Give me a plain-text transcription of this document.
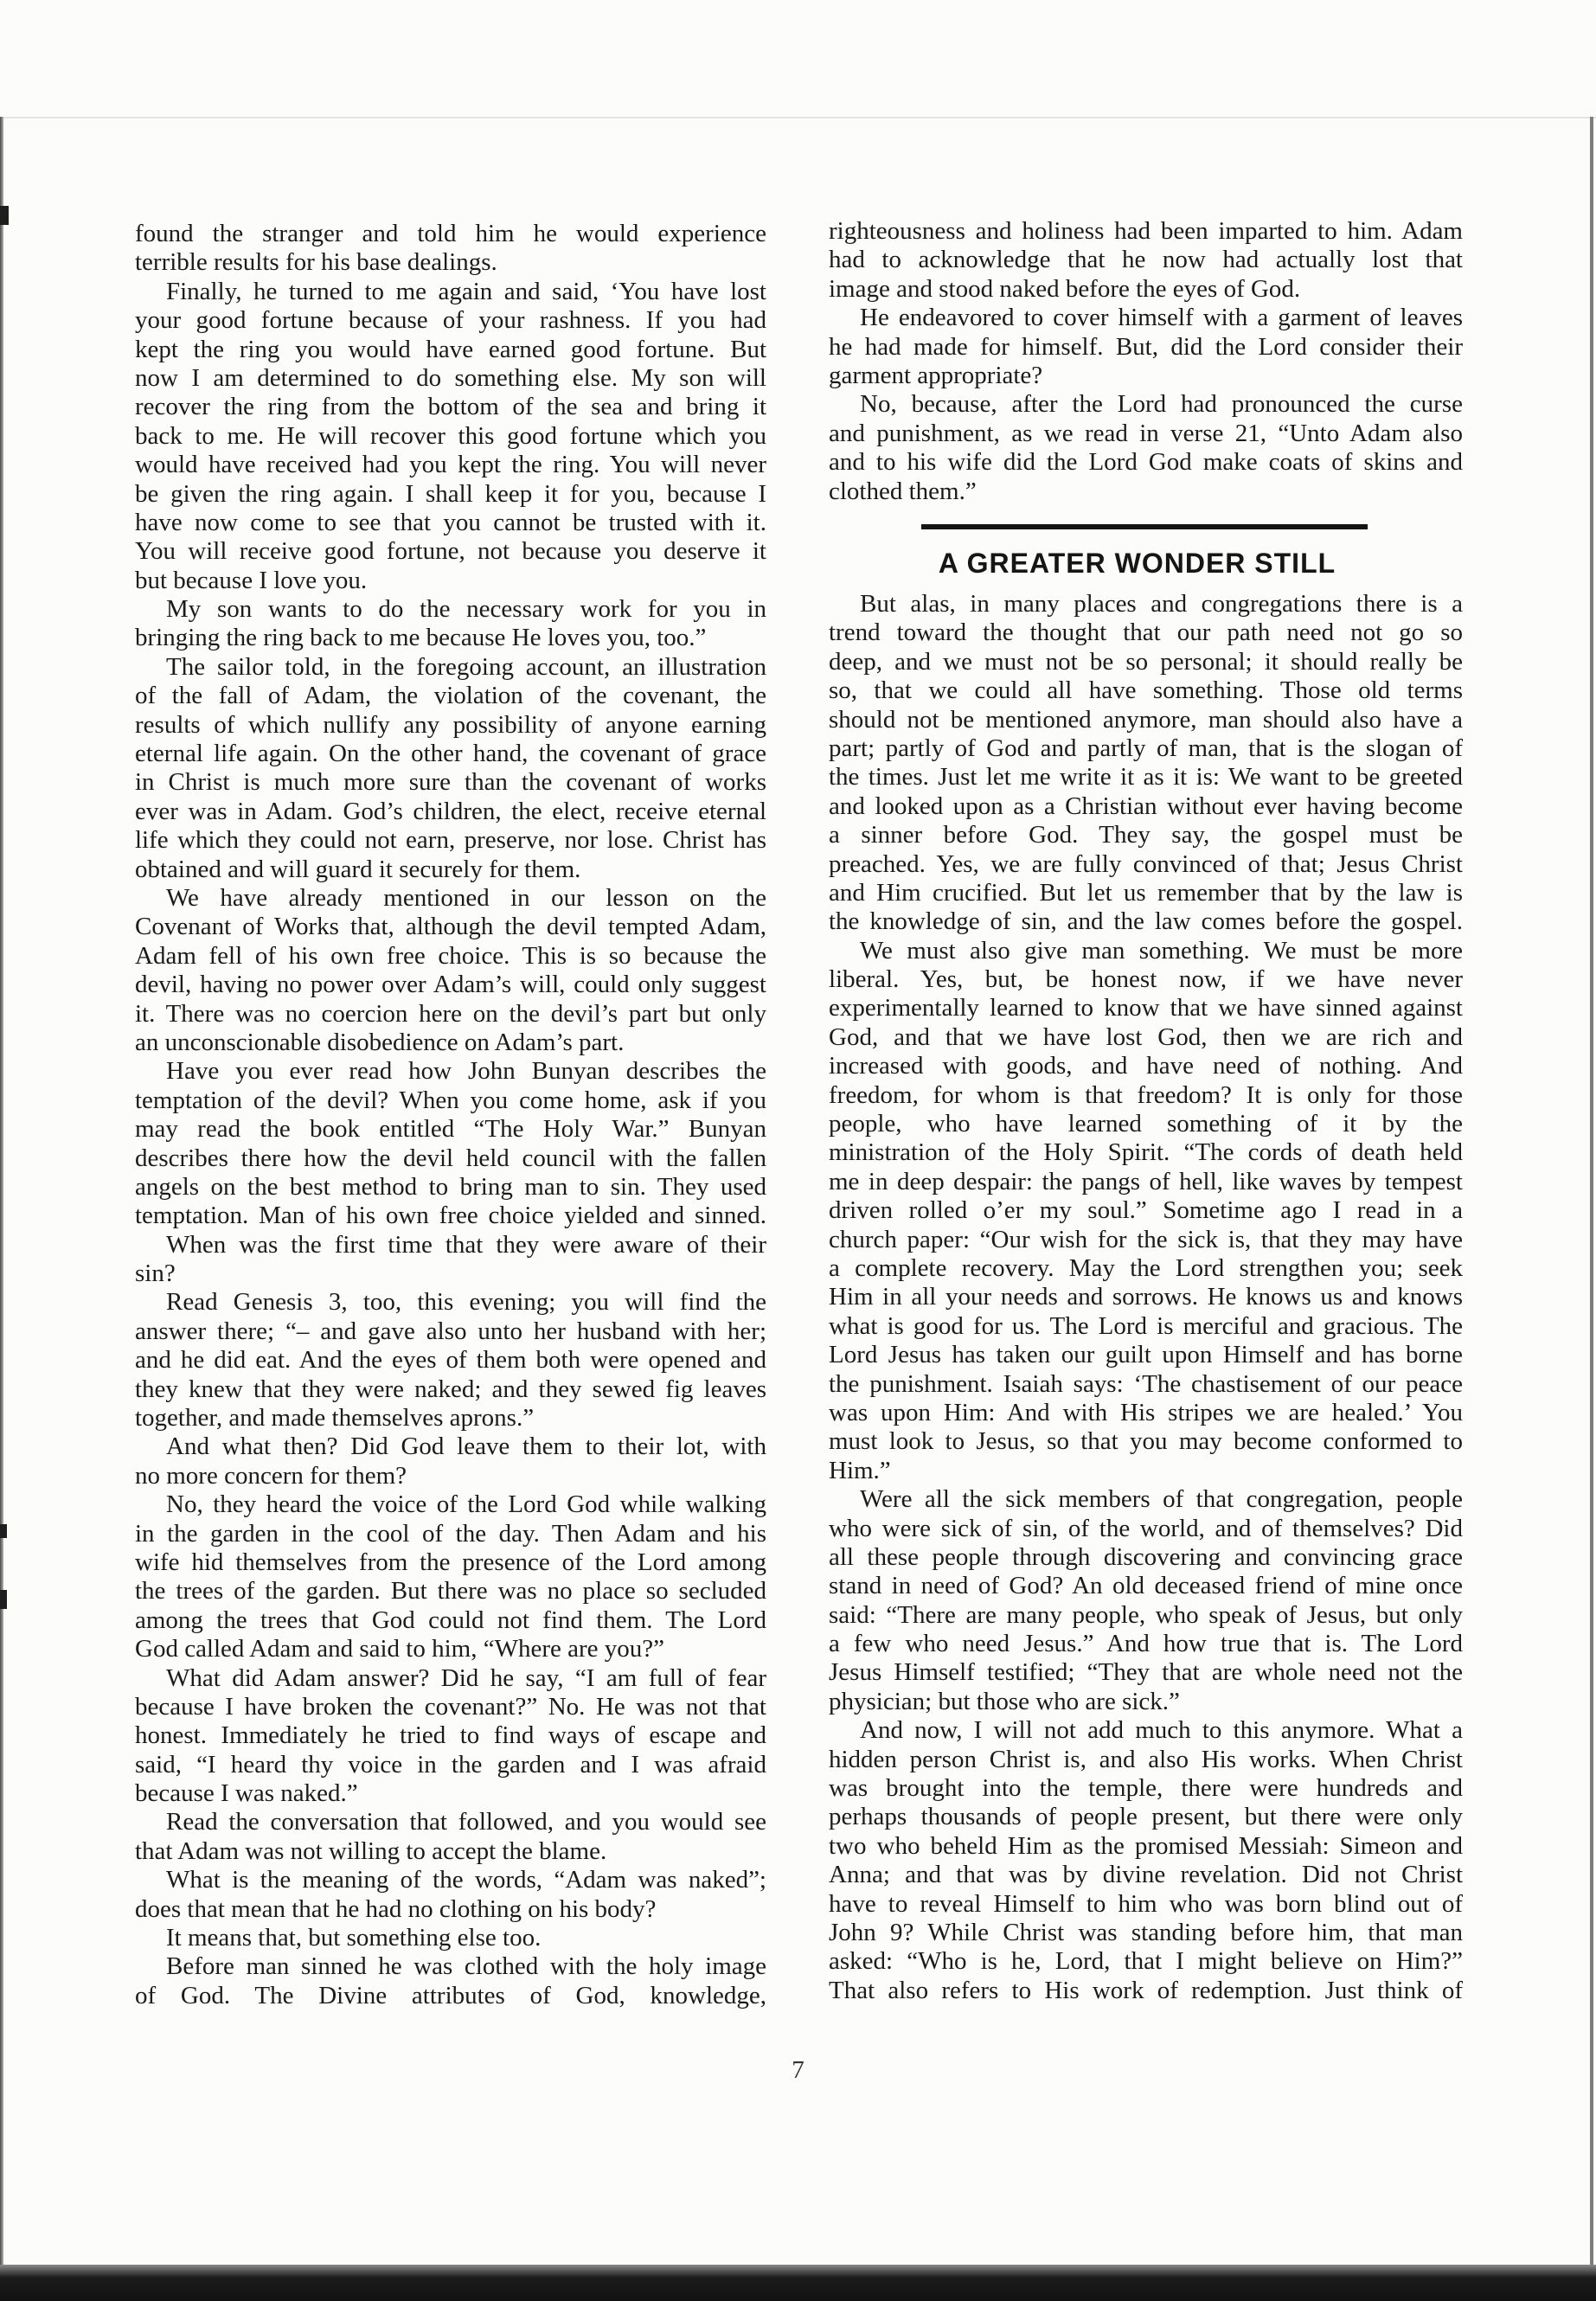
found the stranger and told him he would experience
terrible results for his base dealings.
Finally, he turned to me again and said, ‘You have lost
your good fortune because of your rashness. If you had
kept the ring you would have earned good fortune. But
now I am determined to do something else. My son will
recover the ring from the bottom of the sea and bring it
back to me. He will recover this good fortune which you
would have received had you kept the ring. You will never
be given the ring again. I shall keep it for you, because I
have now come to see that you cannot be trusted with it.
You will receive good fortune, not because you deserve it
but because I love you.
My son wants to do the necessary work for you in
bringing the ring back to me because He loves you, too.”
The sailor told, in the foregoing account, an illustration
of the fall of Adam, the violation of the covenant, the
results of which nullify any possibility of anyone earning
eternal life again. On the other hand, the covenant of grace
in Christ is much more sure than the covenant of works
ever was in Adam. God’s children, the elect, receive eternal
life which they could not earn, preserve, nor lose. Christ has
obtained and will guard it securely for them.
We have already mentioned in our lesson on the
Covenant of Works that, although the devil tempted Adam,
Adam fell of his own free choice. This is so because the
devil, having no power over Adam’s will, could only suggest
it. There was no coercion here on the devil’s part but only
an unconscionable disobedience on Adam’s part.
Have you ever read how John Bunyan describes the
temptation of the devil? When you come home, ask if you
may read the book entitled “The Holy War.” Bunyan
describes there how the devil held council with the fallen
angels on the best method to bring man to sin. They used
temptation. Man of his own free choice yielded and sinned.
When was the first time that they were aware of their
sin?
Read Genesis 3, too, this evening; you will find the
answer there; “– and gave also unto her husband with her;
and he did eat. And the eyes of them both were opened and
they knew that they were naked; and they sewed fig leaves
together, and made themselves aprons.”
And what then? Did God leave them to their lot, with
no more concern for them?
No, they heard the voice of the Lord God while walking
in the garden in the cool of the day. Then Adam and his
wife hid themselves from the presence of the Lord among
the trees of the garden. But there was no place so secluded
among the trees that God could not find them. The Lord
God called Adam and said to him, “Where are you?”
What did Adam answer? Did he say, “I am full of fear
because I have broken the covenant?” No. He was not that
honest. Immediately he tried to find ways of escape and
said, “I heard thy voice in the garden and I was afraid
because I was naked.”
Read the conversation that followed, and you would see
that Adam was not willing to accept the blame.
What is the meaning of the words, “Adam was naked”;
does that mean that he had no clothing on his body?
It means that, but something else too.
Before man sinned he was clothed with the holy image
of God. The Divine attributes of God, knowledge,
righteousness and holiness had been imparted to him. Adam
had to acknowledge that he now had actually lost that
image and stood naked before the eyes of God.
He endeavored to cover himself with a garment of leaves
he had made for himself. But, did the Lord consider their
garment appropriate?
No, because, after the Lord had pronounced the curse
and punishment, as we read in verse 21, “Unto Adam also
and to his wife did the Lord God make coats of skins and
clothed them.”
A GREATER WONDER STILL
But alas, in many places and congregations there is a
trend toward the thought that our path need not go so
deep, and we must not be so personal; it should really be
so, that we could all have something. Those old terms
should not be mentioned anymore, man should also have a
part; partly of God and partly of man, that is the slogan of
the times. Just let me write it as it is: We want to be greeted
and looked upon as a Christian without ever having become
a sinner before God. They say, the gospel must be
preached. Yes, we are fully convinced of that; Jesus Christ
and Him crucified. But let us remember that by the law is
the knowledge of sin, and the law comes before the gospel.
We must also give man something. We must be more
liberal. Yes, but, be honest now, if we have never
experimentally learned to know that we have sinned against
God, and that we have lost God, then we are rich and
increased with goods, and have need of nothing. And
freedom, for whom is that freedom? It is only for those
people, who have learned something of it by the
ministration of the Holy Spirit. “The cords of death held
me in deep despair: the pangs of hell, like waves by tempest
driven rolled o’er my soul.” Sometime ago I read in a
church paper: “Our wish for the sick is, that they may have
a complete recovery. May the Lord strengthen you; seek
Him in all your needs and sorrows. He knows us and knows
what is good for us. The Lord is merciful and gracious. The
Lord Jesus has taken our guilt upon Himself and has borne
the punishment. Isaiah says: ‘The chastisement of our peace
was upon Him: And with His stripes we are healed.’ You
must look to Jesus, so that you may become conformed to
Him.”
Were all the sick members of that congregation, people
who were sick of sin, of the world, and of themselves? Did
all these people through discovering and convincing grace
stand in need of God? An old deceased friend of mine once
said: “There are many people, who speak of Jesus, but only
a few who need Jesus.” And how true that is. The Lord
Jesus Himself testified; “They that are whole need not the
physician; but those who are sick.”
And now, I will not add much to this anymore. What a
hidden person Christ is, and also His works. When Christ
was brought into the temple, there were hundreds and
perhaps thousands of people present, but there were only
two who beheld Him as the promised Messiah: Simeon and
Anna; and that was by divine revelation. Did not Christ
have to reveal Himself to him who was born blind out of
John 9? While Christ was standing before him, that man
asked: “Who is he, Lord, that I might believe on Him?”
That also refers to His work of redemption. Just think of
7
